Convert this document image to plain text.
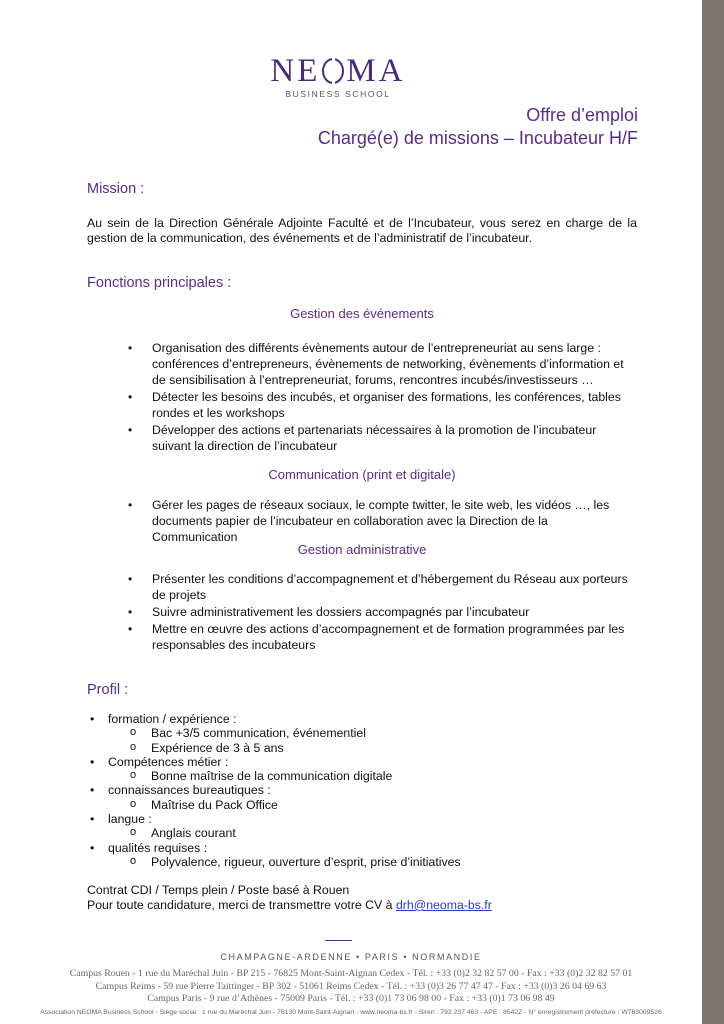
NE MA
BUSINESS SCHOOL
Offre d’emploi
Chargé(e) de missions – Incubateur H/F
Mission :
Au sein de la Direction Générale Adjointe Faculté et de l’Incubateur, vous serez en charge de la gestion de la communication, des événements et de l’administratif de l’incubateur.
Fonctions principales :
Gestion des événements
• Organisation des différents évènements autour de l’entrepreneuriat au sens large : conférences d’entrepreneurs, évènements de networking, évènements d’information et de sensibilisation à l’entrepreneuriat, forums, rencontres incubés/investisseurs …
• Détecter les besoins des incubés, et organiser des formations, les conférences, tables rondes et les workshops
• Développer des actions et partenariats nécessaires à la promotion de l’incubateur suivant la direction de l’incubateur
Communication (print et digitale)
• Gérer les pages de réseaux sociaux, le compte twitter, le site web, les vidéos …, les documents papier de l’incubateur en collaboration avec la Direction de la Communication
Gestion administrative
• Présenter les conditions d’accompagnement et d’hébergement du Réseau aux porteurs de projets
• Suivre administrativement les dossiers accompagnés par l’incubateur
• Mettre en œuvre des actions d’accompagnement et de formation programmées par les responsables des incubateurs
Profil :
• formation / expérience :
o Bac +3/5 communication, événementiel
o Expérience de 3 à 5 ans
• Compétences métier :
o Bonne maîtrise de la communication digitale
• connaissances bureautiques :
o Maîtrise du Pack Office
• langue :
o Anglais courant
• qualités requises :
o Polyvalence, rigueur, ouverture d’esprit, prise d’initiatives
Contrat CDI / Temps plein / Poste basé à Rouen
Pour toute candidature, merci de transmettre votre CV à drh@neoma-bs.fr
CHAMPAGNE-ARDENNE • PARIS • NORMANDIE
Campus Rouen - 1 rue du Maréchal Juin - BP 215 - 76825 Mont-Saint-Aignan Cedex - Tél. : +33 (0)2 32 82 57 00 - Fax : +33 (0)2 32 82 57 01
Campus Reims - 59 rue Pierre Taittinger - BP 302 - 51061 Reims Cedex - Tél. : +33 (0)3 26 77 47 47 - Fax : +33 (0)3 26 04 69 63
Campus Paris - 9 rue d’Athènes - 75009 Paris - Tél. : +33 (0)1 73 06 98 00 - Fax : +33 (0)1 73 06 98 49
Association NEOMA Business School - Siège social : 1 rue du Maréchal Juin - 76130 Mont-Saint-Aignan - www.neoma-bs.fr - Siren : 792 237 463 - APE : 8542Z - N° enregistrement préfecture : W763009526
